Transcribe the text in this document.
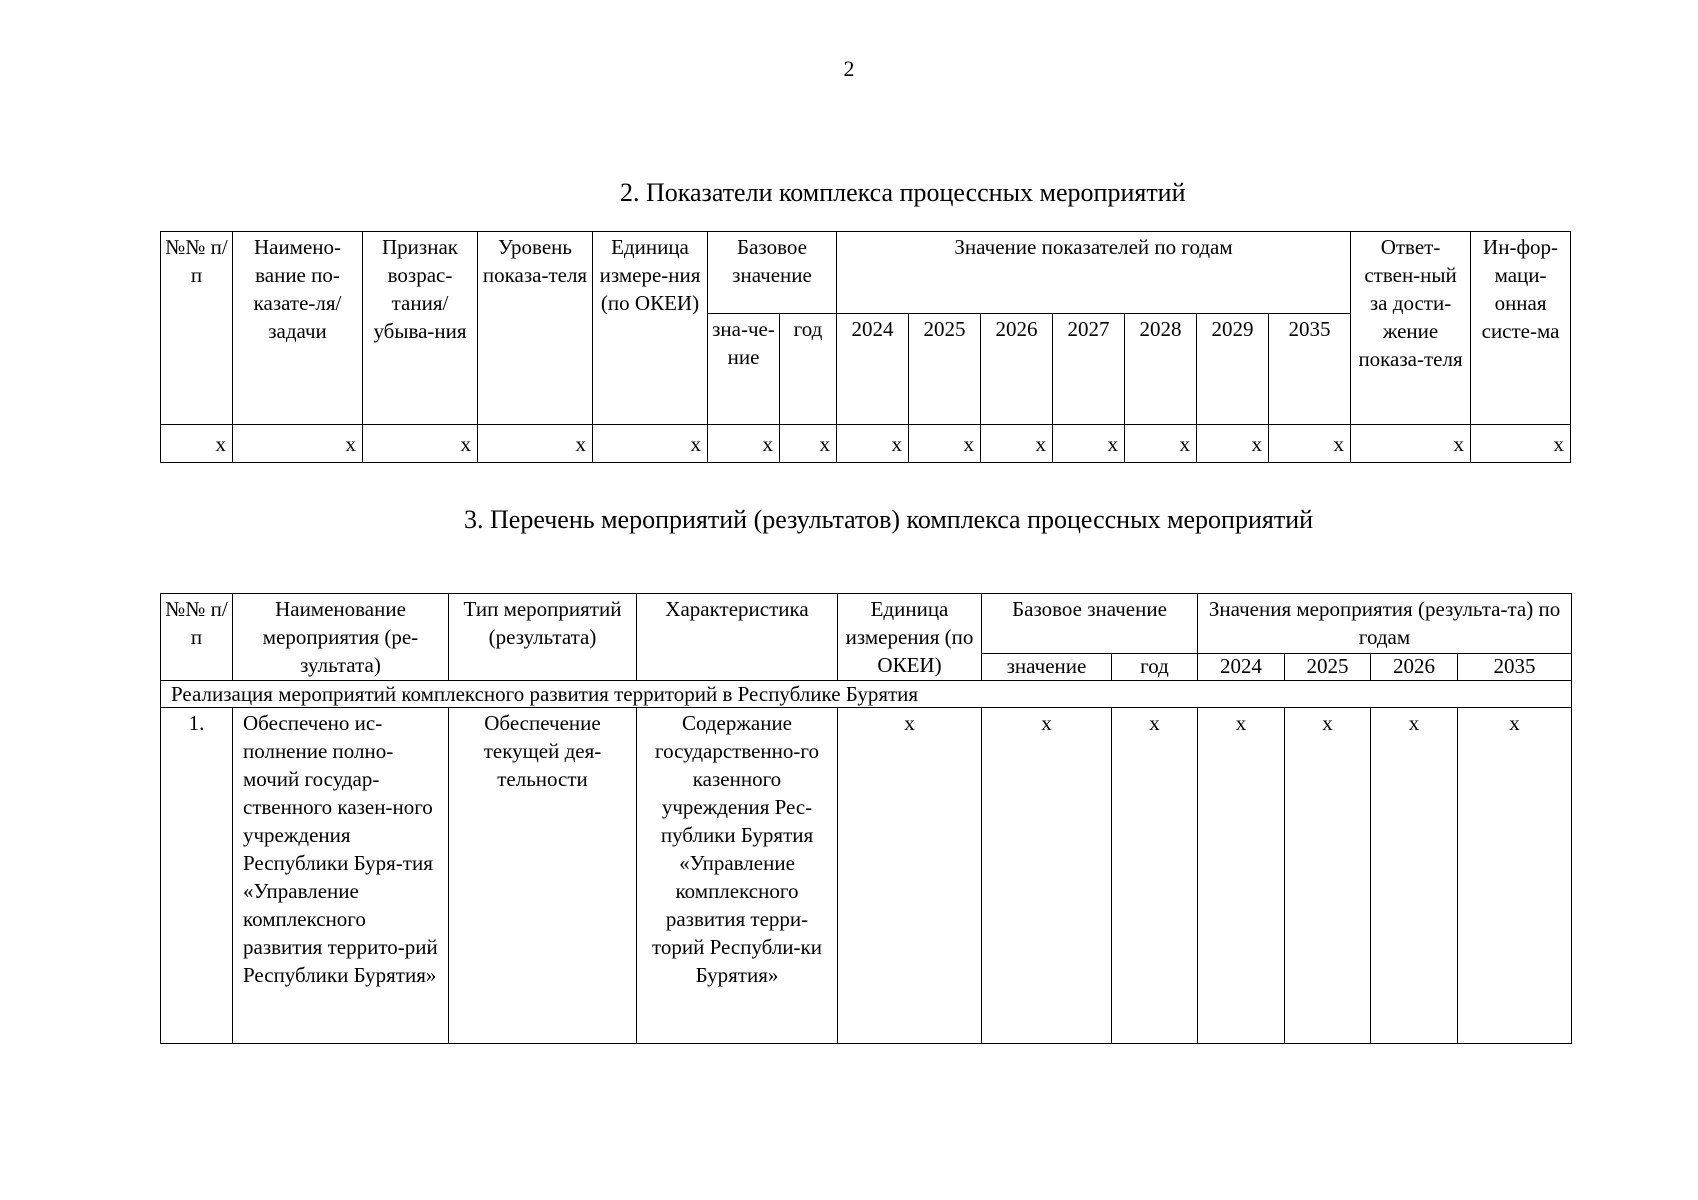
2
2. Показатели комплекса процессных мероприятий
№№ п/п	Наимено-вание по-казате-ля/задачи	Признак возрас-тания/ убыва-ния	Уровень показа-теля	Единица измере-ния (по ОКЕИ)	Базовое значение		Значение показателей по годам							Ответ-ствен-ный за дости-жение показа-теля	Ин-фор-маци-онная систе-ма
					зна-че-ние	год	2024	2025	2026	2027	2028	2029	2035		
x	x	x	x	x	x	x	x	x	x	x	x	x	x	x	x
3. Перечень мероприятий (результатов) комплекса процессных мероприятий
№№ п/п	Наименование мероприятия (ре-зультата)	Тип мероприятий (результата)	Характеристика	Единица измерения (по ОКЕИ)	Базовое значение		Значения мероприятия (результа-та) по годам			
					значение	год	2024	2025	2026	2035
Реализация мероприятий комплексного развития территорий в Республике Бурятия										
1.	Обеспечено ис-полнение полно-мочий государ-ственного казен-ного учреждения Республики Буря-тия «Управление комплексного развития террито-рий Республики Бурятия»	Обеспечение текущей дея-тельности	Содержание государственно-го казенного учреждения Рес-публики Бурятия «Управление комплексного развития терри-торий Республи-ки Бурятия»	x	x	x	x	x	x	x
